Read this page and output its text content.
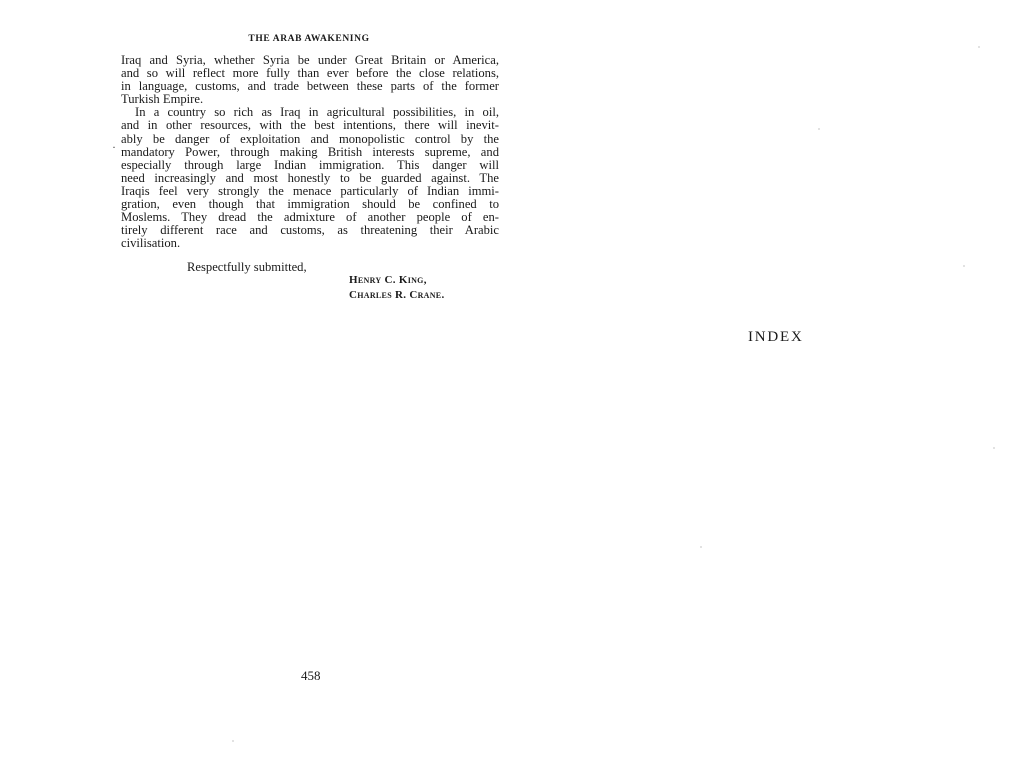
THE ARAB AWAKENING
·
Iraq and Syria, whether Syria be under Great Britain or America,
and so will reflect more fully than ever before the close relations,
in language, customs, and trade between these parts of the former
Turkish Empire.
In a country so rich as Iraq in agricultural possibilities, in oil,
and in other resources, with the best intentions, there will inevit-
ably be danger of exploitation and monopolistic control by the
mandatory Power, through making British interests supreme, and
especially through large Indian immigration. This danger will
need increasingly and most honestly to be guarded against. The
Iraqis feel very strongly the menace particularly of Indian immi-
gration, even though that immigration should be confined to
Moslems. They dread the admixture of another people of en-
tirely different race and customs, as threatening their Arabic
civilisation.
Respectfully submitted,
Henry C. King,
Charles R. Crane.
458
INDEX
